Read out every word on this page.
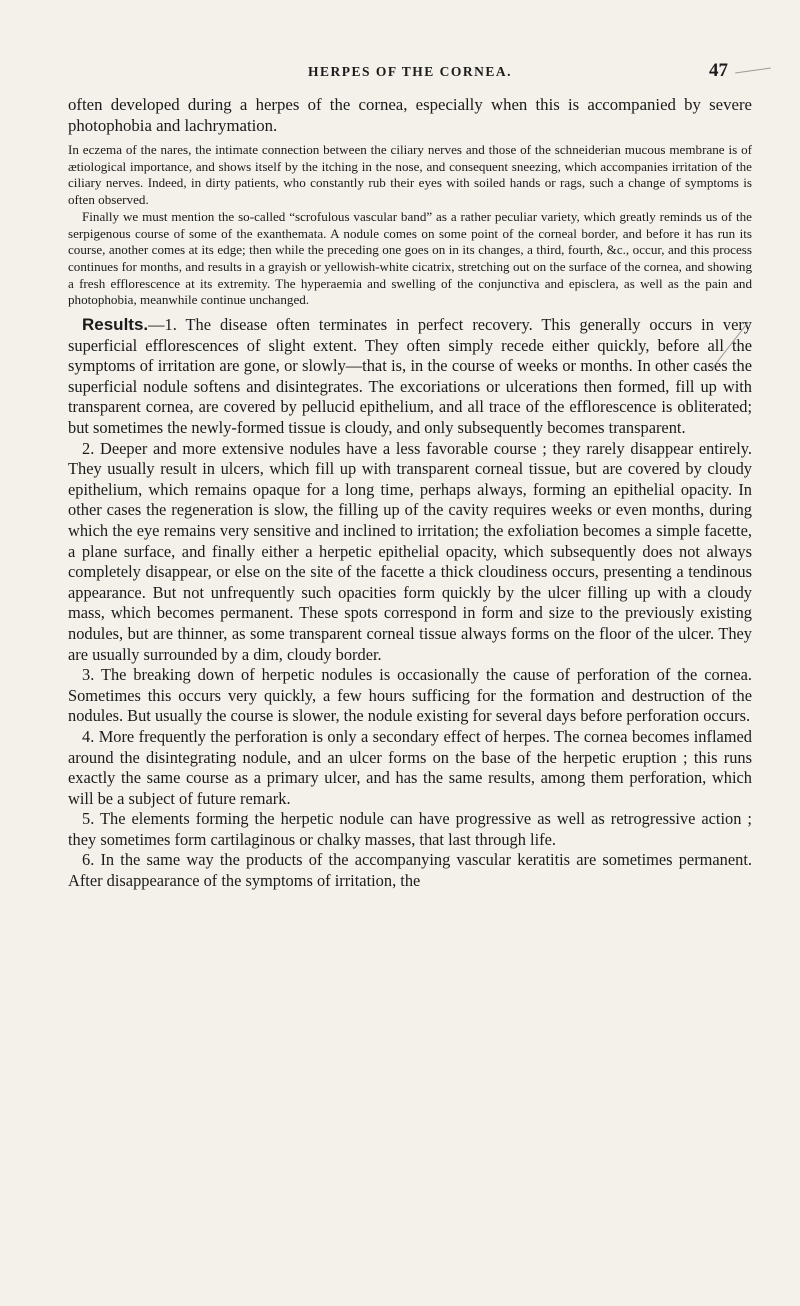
HERPES OF THE CORNEA.	47
often developed during a herpes of the cornea, especially when this is accompanied by severe photophobia and lachrymation.

In eczema of the nares, the intimate connection between the ciliary nerves and those of the schneiderian mucous membrane is of ætiological importance, and shows itself by the itching in the nose, and consequent sneezing, which accompanies irritation of the ciliary nerves. Indeed, in dirty patients, who constantly rub their eyes with soiled hands or rags, such a change of symptoms is often observed.

Finally we must mention the so-called “scrofulous vascular band” as a rather peculiar variety, which greatly reminds us of the serpigenous course of some of the exanthemata. A nodule comes on some point of the corneal border, and before it has run its course, another comes at its edge; then while the preceding one goes on in its changes, a third, fourth, &c., occur, and this process continues for months, and results in a grayish or yellowish-white cicatrix, stretching out on the surface of the cornea, and showing a fresh efflorescence at its extremity. The hyperaemia and swelling of the conjunctiva and episclera, as well as the pain and photophobia, meanwhile continue unchanged.

Results.—1. The disease often terminates in perfect recovery. This generally occurs in very superficial efflorescences of slight extent. They often simply recede either quickly, before all the symptoms of irritation are gone, or slowly—that is, in the course of weeks or months. In other cases the superficial nodule softens and disintegrates. The excoriations or ulcerations then formed, fill up with transparent cornea, are covered by pellucid epithelium, and all trace of the efflorescence is obliterated; but sometimes the newly-formed tissue is cloudy, and only subsequently becomes transparent.

2. Deeper and more extensive nodules have a less favorable course ; they rarely disappear entirely. They usually result in ulcers, which fill up with transparent corneal tissue, but are covered by cloudy epithelium, which remains opaque for a long time, perhaps always, forming an epithelial opacity. In other cases the regeneration is slow, the filling up of the cavity requires weeks or even months, during which the eye remains very sensitive and inclined to irritation; the exfoliation becomes a simple facette, a plane surface, and finally either a herpetic epithelial opacity, which subsequently does not always completely disappear, or else on the site of the facette a thick cloudiness occurs, presenting a tendinous appearance. But not unfrequently such opacities form quickly by the ulcer filling up with a cloudy mass, which becomes permanent. These spots correspond in form and size to the previously existing nodules, but are thinner, as some transparent corneal tissue always forms on the floor of the ulcer. They are usually surrounded by a dim, cloudy border.

3. The breaking down of herpetic nodules is occasionally the cause of perforation of the cornea. Sometimes this occurs very quickly, a few hours sufficing for the formation and destruction of the nodules. But usually the course is slower, the nodule existing for several days before perforation occurs.

4. More frequently the perforation is only a secondary effect of herpes. The cornea becomes inflamed around the disintegrating nodule, and an ulcer forms on the base of the herpetic eruption ; this runs exactly the same course as a primary ulcer, and has the same results, among them perforation, which will be a subject of future remark.

5. The elements forming the herpetic nodule can have progressive as well as retrogressive action ; they sometimes form cartilaginous or chalky masses, that last through life.

6. In the same way the products of the accompanying vascular keratitis are sometimes permanent. After disappearance of the symptoms of irritation, the
